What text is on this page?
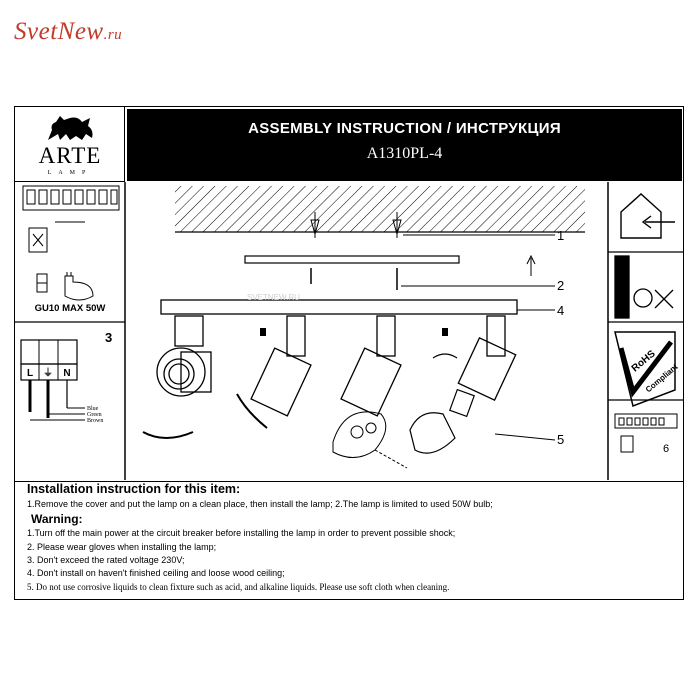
SvetNew.ru
ARTE
LAMP
ASSEMBLY INSTRUCTION / ИНСТРУКЦИЯ
A1310PL-4
L ⏚ N
Blue
Green
Brown
3
1
2
4
SVETNEW.RU
5
RoHS
Compliant
6
GU10 MAX 50W
Installation instruction for this item:
1.Remove the cover and put the lamp on a clean place, then install the lamp; 2.The lamp is limited to used 50W bulb;
Warning:
1.Turn off the main power at the circuit breaker before installing the lamp in order to prevent possible shock;
2. Please wear gloves when installing the lamp;
3. Don't exceed the rated voltage 230V;
4. Don't install on haven't finished ceiling and loose wood ceiling;
5. Do not use corrosive liquids to clean fixture such as acid, and alkaline liquids. Please use soft cloth when cleaning.
